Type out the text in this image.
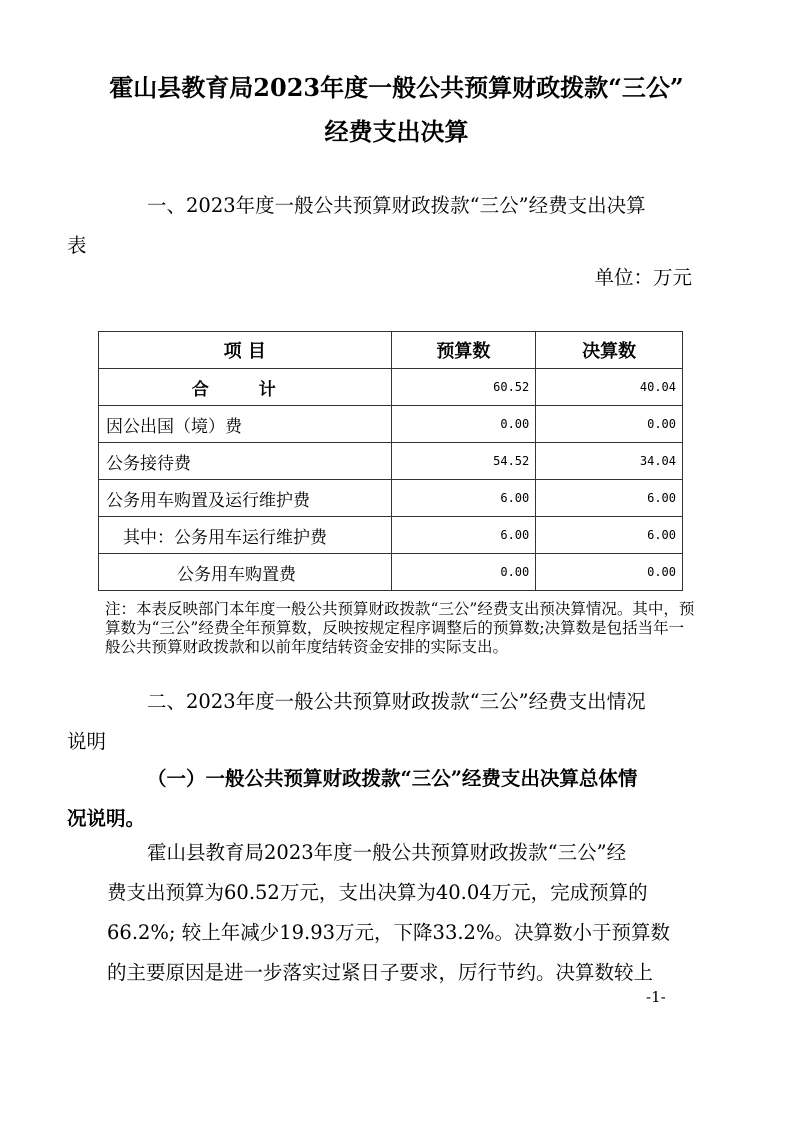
霍山县教育局2023年度一般公共预算财政拨款“三公”
经费支出决算
一、2023年度一般公共预算财政拨款“三公”经费支出决算
表
单位：万元
项 目	预算数	决算数
合 计	60.52	40.04
因公出国（境）费	0.00	0.00
公务接待费	54.52	34.04
公务用车购置及运行维护费	6.00	6.00
其中：公务用车运行维护费	6.00	6.00
公务用车购置费	0.00	0.00
注：本表反映部门本年度一般公共预算财政拨款“三公”经费支出预决算情况。其中，预算数为“三公”经费全年预算数，反映按规定程序调整后的预算数;决算数是包括当年一般公共预算财政拨款和以前年度结转资金安排的实际支出。
二、2023年度一般公共预算财政拨款“三公”经费支出情况
说明
（一）一般公共预算财政拨款“三公”经费支出决算总体情
况说明。
霍山县教育局2023年度一般公共预算财政拨款“三公”经
费支出预算为60.52万元，支出决算为40.04万元，完成预算的
66.2%; 较上年减少19.93万元，下降33.2%。决算数小于预算数
的主要原因是进一步落实过紧日子要求，厉行节约。决算数较上
-1-
